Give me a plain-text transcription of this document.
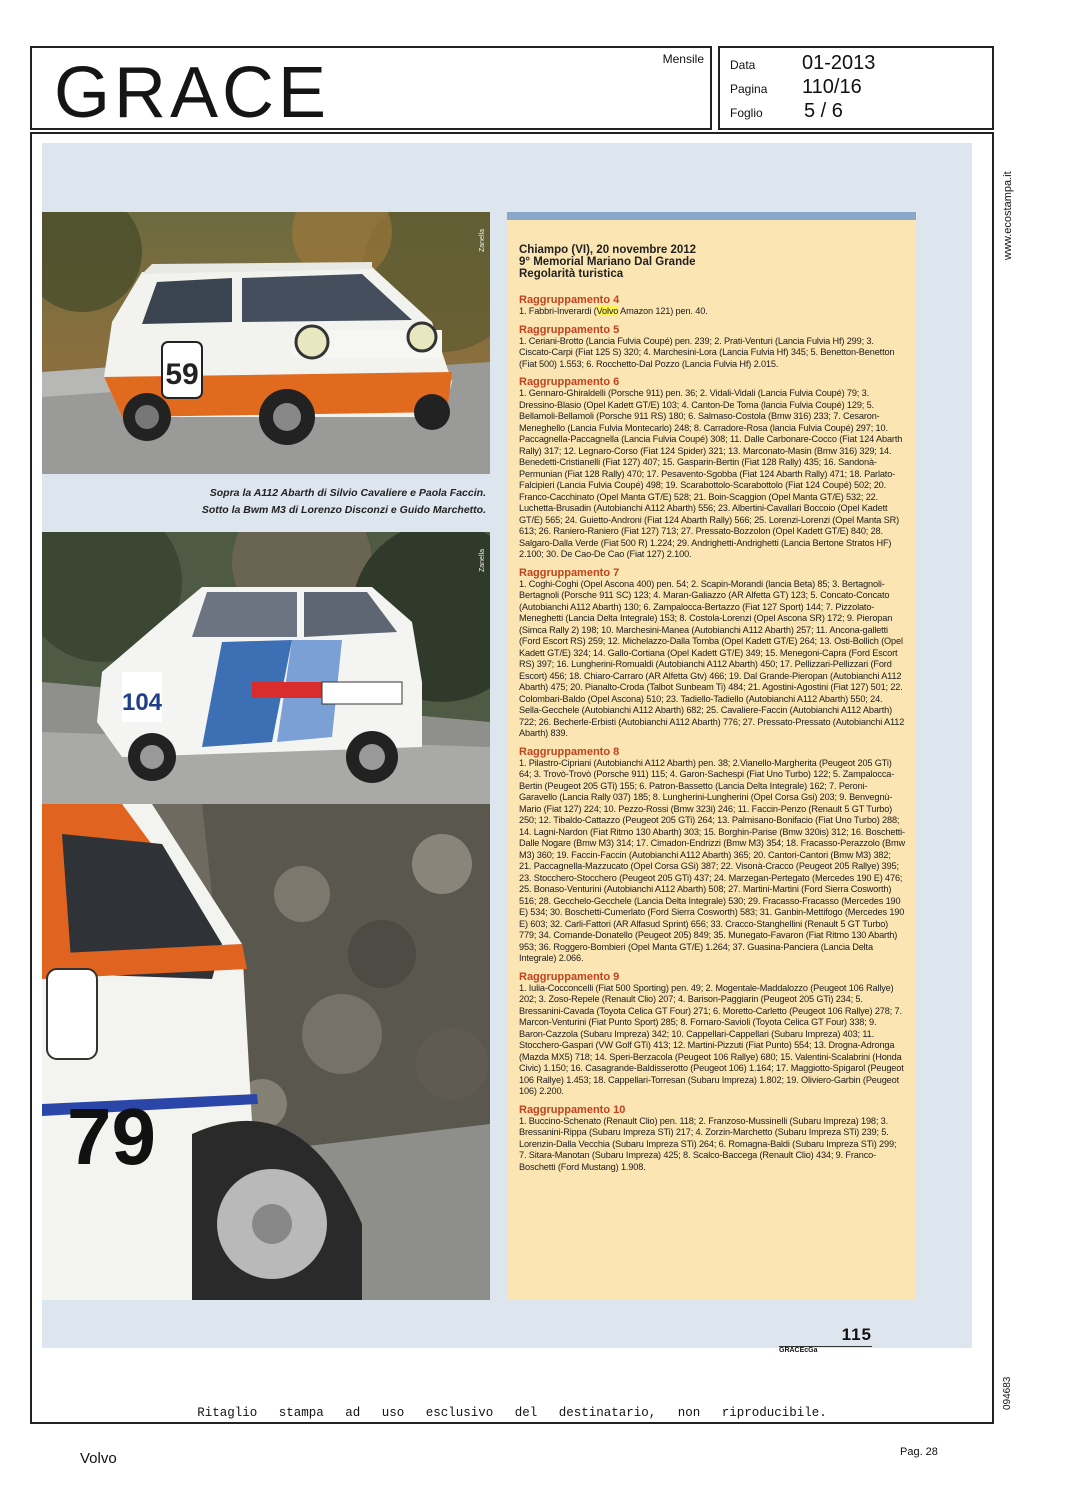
GRACE	Mensile Data 01-2013
Pagina 110/16
Foglio 5 / 6
www.ecostampa.it
094683
59
Zanella
Sopra la A112 Abarth di Silvio Cavaliere e Paola Faccin.
Sotto la Bwm M3 di Lorenzo Disconzi e Guido Marchetto.
104
Zanella
79
Chiampo (VI), 20 novembre 2012
9° Memorial Mariano Dal Grande
Regolarità turistica
Raggruppamento 4
1. Fabbri-Inverardi (Volvo Amazon 121) pen. 40.
Raggruppamento 5
1. Ceriani-Brotto (Lancia Fulvia Coupé) pen. 239; 2. Prati-Venturi (Lancia Fulvia Hf) 299; 3. Ciscato-Carpi (Fiat 125 S) 320; 4. Marchesini-Lora (Lancia Fulvia Hf) 345; 5. Benetton-Benetton (Fiat 500) 1.553; 6. Rocchetto-Dal Pozzo (Lancia Fulvia Hf) 2.015.
Raggruppamento 6
1. Gennaro-Ghiraldelli (Porsche 911) pen. 36; 2. Vidali-Vidali (Lancia Fulvia Coupé) 79; 3. Dressino-Blasio (Opel Kadett GT/E) 103; 4. Canton-De Toma (lancia Fulvia Coupé) 129; 5. Bellamoli-Bellamoli (Porsche 911 RS) 180; 6. Salmaso-Costola (Bmw 316) 233; 7. Cesaron-Meneghello (Lancia Fulvia Montecarlo) 248; 8. Carradore-Rosa (lancia Fulvia Coupé) 297; 10. Paccagnella-Paccagnella (Lancia Fulvia Coupé) 308; 11. Dalle Carbonare-Cocco (Fiat 124 Abarth Rally) 317; 12. Legnaro-Corso (Fiat 124 Spider) 321; 13. Marconato-Masin (Bmw 316) 329; 14. Benedetti-Cristianelli (Fiat 127) 407; 15. Gasparin-Bertin (Fiat 128 Rally) 435; 16. Sandonà-Permunian (Fiat 128 Rally) 470; 17. Pesavento-Sgobba (Fiat 124 Abarth Rally) 471; 18. Parlato-Falcipieri (Lancia Fulvia Coupé) 498; 19. Scarabottolo-Scarabottolo (Fiat 124 Coupé) 502; 20. Franco-Cacchinato (Opel Manta GT/E) 528; 21. Boin-Scaggion (Opel Manta GT/E) 532; 22. Luchetta-Brusadin (Autobianchi A112 Abarth) 556; 23. Albertini-Cavallari Boccoio (Opel Kadett GT/E) 565; 24. Guietto-Androni (Fiat 124 Abarth Rally) 566; 25. Lorenzi-Lorenzi (Opel Manta SR) 613; 26. Raniero-Raniero (Fiat 127) 713; 27. Pressato-Bozzolon (Opel Kadett GT/E) 840; 28. Salgaro-Dalla Verde (Fiat 500 R) 1.224; 29. Andrighetti-Andrighetti (Lancia Bertone Stratos HF) 2.100; 30. De Cao-De Cao (Fiat 127) 2.100.
Raggruppamento 7
1. Coghi-Coghi (Opel Ascona 400) pen. 54; 2. Scapin-Morandi (lancia Beta) 85; 3. Bertagnoli-Bertagnoli (Porsche 911 SC) 123; 4. Maran-Galiazzo (AR Alfetta GT) 123; 5. Concato-Concato (Autobianchi A112 Abarth) 130; 6. Zampalocca-Bertazzo (Fiat 127 Sport) 144; 7. Pizzolato-Meneghetti (Lancia Delta Integrale) 153; 8. Costola-Lorenzi (Opel Ascona SR) 172; 9. Pieropan (Simca Rally 2) 198; 10. Marchesini-Manea (Autobianchi A112 Abarth) 257; 11. Ancona-galletti (Ford Escort RS) 259; 12. Michelazzo-Dalla Tomba (Opel Kadett GT/E) 264; 13. Osti-Bollich (Opel Kadett GT/E) 324; 14. Gallo-Cortiana (Opel Kadett GT/E) 349; 15. Menegoni-Capra (Ford Escort RS) 397; 16. Lungherini-Romualdi (Autobianchi A112 Abarth) 450; 17. Pellizzari-Pellizzari (Ford Escort) 456; 18. Chiaro-Carraro (AR Alfetta Gtv) 466; 19. Dal Grande-Pieropan (Autobianchi A112 Abarth) 475; 20. Pianalto-Croda (Talbot Sunbeam Ti) 484; 21. Agostini-Agostini (Fiat 127) 501; 22. Colombari-Baldo (Opel Ascona) 510; 23. Tadiello-Tadiello (Autobianchi A112 Abarth) 550; 24. Sella-Gecchele (Autobianchi A112 Abarth) 682; 25. Cavaliere-Faccin (Autobianchi A112 Abarth) 722; 26. Becherle-Erbisti (Autobianchi A112 Abarth) 776; 27. Pressato-Pressato (Autobianchi A112 Abarth) 839.
Raggruppamento 8
1. Pilastro-Cipriani (Autobianchi A112 Abarth) pen. 38; 2.Vianello-Margherita (Peugeot 205 GTi) 64; 3. Trovò-Trovò (Porsche 911) 115; 4. Garon-Sachespi (Fiat Uno Turbo) 122; 5. Zampalocca-Bertin (Peugeot 205 GTi) 155; 6. Patron-Bassetto (Lancia Delta Integrale) 162; 7. Peroni-Garavello (Lancia Rally 037) 185; 8. Lungherini-Lungherini (Opel Corsa Gsi) 203; 9. Benvegnù-Mario (Fiat 127) 224; 10. Pezzo-Rossi (Bmw 323i) 246; 11. Faccin-Penzo (Renault 5 GT Turbo) 250; 12. Tibaldo-Cattazzo (Peugeot 205 GTi) 264; 13. Palmisano-Bonifacio (Fiat Uno Turbo) 288; 14. Lagni-Nardon (Fiat Ritmo 130 Abarth) 303; 15. Borghin-Parise (Bmw 320is) 312; 16. Boschetti-Dalle Nogare (Bmw M3) 314; 17. Cimadon-Endrizzi (Bmw M3) 354; 18. Fracasso-Perazzolo (Bmw M3) 360; 19. Faccin-Faccin (Autobianchi A112 Abarth) 365; 20. Cantori-Cantori (Bmw M3) 382; 21. Paccagnella-Mazzucato (Opel Corsa GSi) 387; 22. Visonà-Cracco (Peugeot 205 Rallye) 395; 23. Stocchero-Stocchero (Peugeot 205 GTi) 437; 24. Marzegan-Pertegato (Mercedes 190 E) 476; 25. Bonaso-Venturini (Autobianchi A112 Abarth) 508; 27. Martini-Martini (Ford Sierra Cosworth) 516; 28. Gecchelo-Gecchele (Lancia Delta Integrale) 530; 29. Fracasso-Fracasso (Mercedes 190 E) 534; 30. Boschetti-Cumerlato (Ford Sierra Cosworth) 583; 31. Ganbin-Mettifogo (Mercedes 190 E) 603; 32. Carli-Fattori (AR Alfasud Sprint) 656; 33. Cracco-Stanghellini (Renault 5 GT Turbo) 779; 34. Comande-Donatello (Peugeot 205) 849; 35. Munegato-Favaron (Fiat Ritmo 130 Abarth) 953; 36. Roggero-Bombieri (Opel Manta GT/E) 1.264; 37. Guasina-Panciera (Lancia Delta Integrale) 2.066.
Raggruppamento 9
1. Iulia-Cocconcelli (Fiat 500 Sporting) pen. 49; 2. Mogentale-Maddalozzo (Peugeot 106 Rallye) 202; 3. Zoso-Repele (Renault Clio) 207; 4. Barison-Paggiarin (Peugeot 205 GTi) 234; 5. Bressanini-Cavada (Toyota Celica GT Four) 271; 6. Moretto-Carletto (Peugeot 106 Rallye) 278; 7. Marcon-Venturini (Fiat Punto Sport) 285; 8. Fornaro-Savioli (Toyota Celica GT Four) 338; 9. Baron-Cazzola (Subaru Impreza) 342; 10. Cappellari-Cappellari (Subaru Impreza) 403; 11. Stocchero-Gaspari (VW Golf GTi) 413; 12. Martini-Pizzuti (Fiat Punto) 554; 13. Drogna-Adronga (Mazda MX5) 718; 14. Speri-Berzacola (Peugeot 106 Rallye) 680; 15. Valentini-Scalabrini (Honda Civic) 1.150; 16. Casagrande-Baldisserotto (Peugeot 106) 1.164; 17. Maggiotto-Spigarol (Peugeot 106 Rallye) 1.453; 18. Cappellari-Torresan (Subaru Impreza) 1.802; 19. Oliviero-Garbin (Peugeot 106) 2.200.
Raggruppamento 10
1. Buccino-Schenato (Renault Clio) pen. 118; 2. Franzoso-Mussinelli (Subaru Impreza) 198; 3. Bressanini-Rippa (Subaru Impreza STi) 217; 4. Zorzin-Marchetto (Subaru Impreza STi) 239; 5. Lorenzin-Dalla Vecchia (Subaru Impreza STi) 264; 6. Romagna-Baldi (Subaru Impreza STi) 299; 7. Sitara-Manotan (Subaru Impreza) 425; 8. Scalco-Baccega (Renault Clio) 434; 9. Franco-Boschetti (Ford Mustang) 1.908.
115
GRACEcGa
Ritaglio stampa ad uso esclusivo del destinatario, non riproducibile.
Volvo	Pag. 28
